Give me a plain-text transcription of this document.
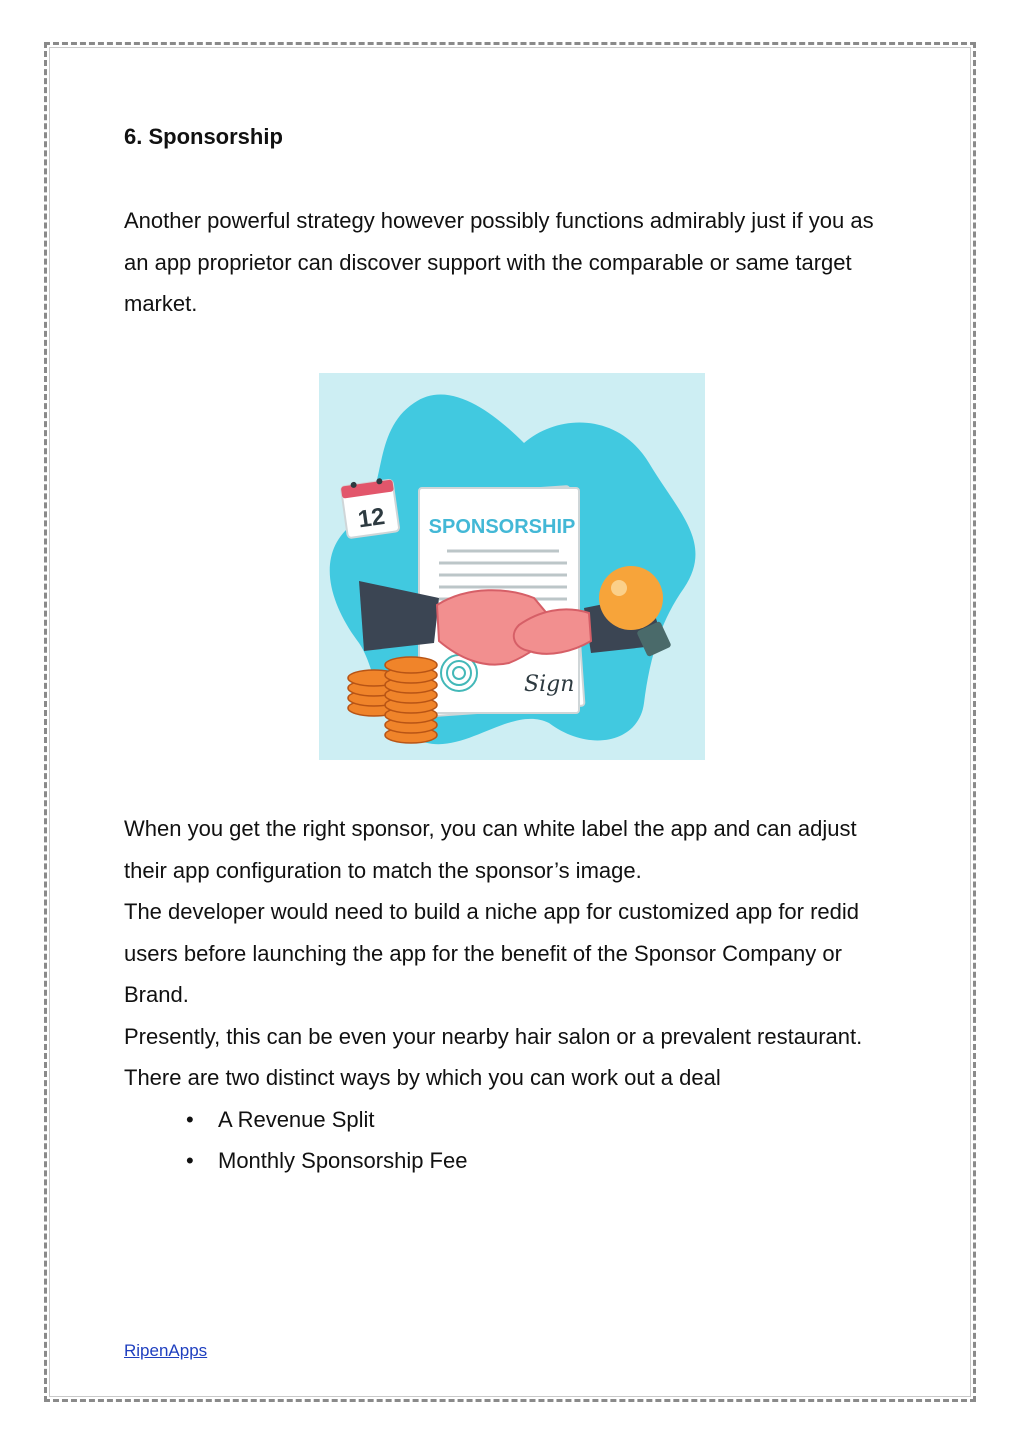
6. Sponsorship

Another powerful strategy however possibly functions admirably just if you as an app proprietor can discover support with the comparable or same target market.

SPONSORSHIP
Sign
12

When you get the right sponsor, you can white label the app and can adjust their app configuration to match the sponsor’s image.

The developer would need to build a niche app for customized app for redid users before launching the app for the benefit of the Sponsor Company or Brand.

Presently, this can be even your nearby hair salon or a prevalent restaurant.

There are two distinct ways by which you can work out a deal

• A Revenue Split
• Monthly Sponsorship Fee
RipenApps
